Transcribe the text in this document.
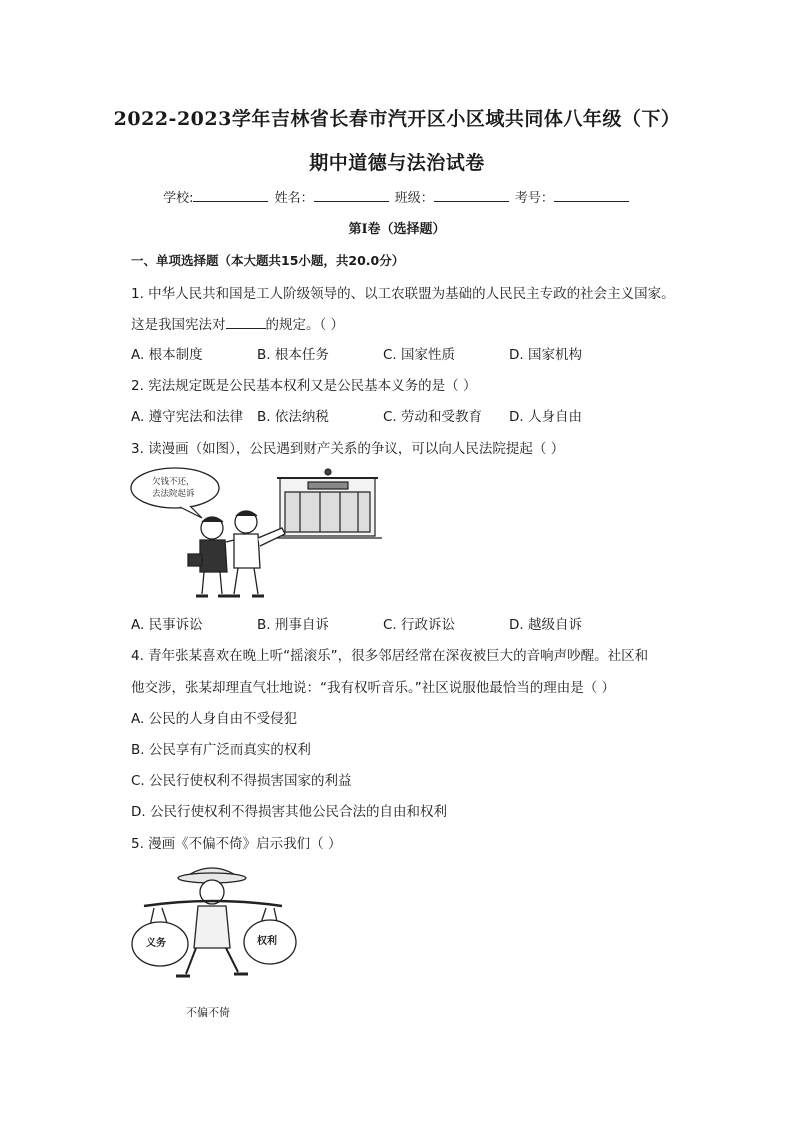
2022-2023学年吉林省长春市汽开区小区域共同体八年级（下）
期中道德与法治试卷
学校:	姓名：	班级：	考号：
第I卷（选择题）
一、单项选择题（本大题共15小题，共20.0分）
1. 中华人民共和国是工人阶级领导的、以工农联盟为基础的人民民主专政的社会主义国家。
这是我国宪法对	的规定。（ ）
A. 根本制度	B. 根本任务	C. 国家性质	D. 国家机构
2. 宪法规定既是公民基本权利又是公民基本义务的是（ ）
A. 遵守宪法和法律 B. 依法纳税	C. 劳动和受教育 D. 人身自由
3. 读漫画（如图），公民遇到财产关系的争议，可以向人民法院提起（ ）
欠钱不还，
去法院起诉
A. 民事诉讼	B. 刑事自诉	C. 行政诉讼	D. 越级自诉
4. 青年张某喜欢在晚上听“摇滚乐”，很多邻居经常在深夜被巨大的音响声吵醒。社区和
他交涉，张某却理直气壮地说：“我有权听音乐。”社区说服他最恰当的理由是（ ）
A. 公民的人身自由不受侵犯
B. 公民享有广泛而真实的权利
C. 公民行使权利不得损害国家的利益
D. 公民行使权利不得损害其他公民合法的自由和权利
5. 漫画《不偏不倚》启示我们（ ）
义务	权利
不偏不倚
